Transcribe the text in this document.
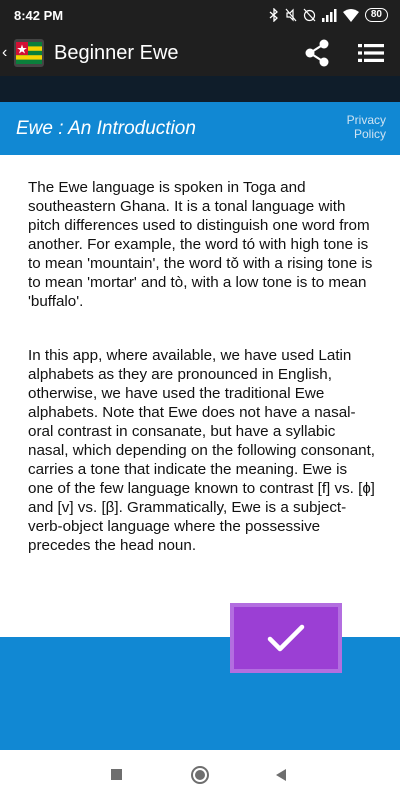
8:42 PM	80
‹ Beginner Ewe
Ewe : An Introduction	Privacy Policy

The Ewe language is spoken in Toga and southeastern Ghana. It is a tonal language with pitch differences used to distinguish one word from another. For example, the word tó with high tone is to mean 'mountain', the word tǒ with a rising tone is to mean 'mortar' and tò, with a low tone is to mean 'buffalo'.

In this app, where available, we have used Latin alphabets as they are pronounced in English, otherwise, we have used the traditional Ewe alphabets. Note that Ewe does not have a nasal-oral contrast in consanate, but have a syllabic nasal, which depending on the following consonant, carries a tone that indicate the meaning. Ewe is one of the few language known to contrast [f] vs. [ɸ] and [v] vs. [β]. Grammatically, Ewe is a subject-verb-object language where the possessive precedes the head noun.
